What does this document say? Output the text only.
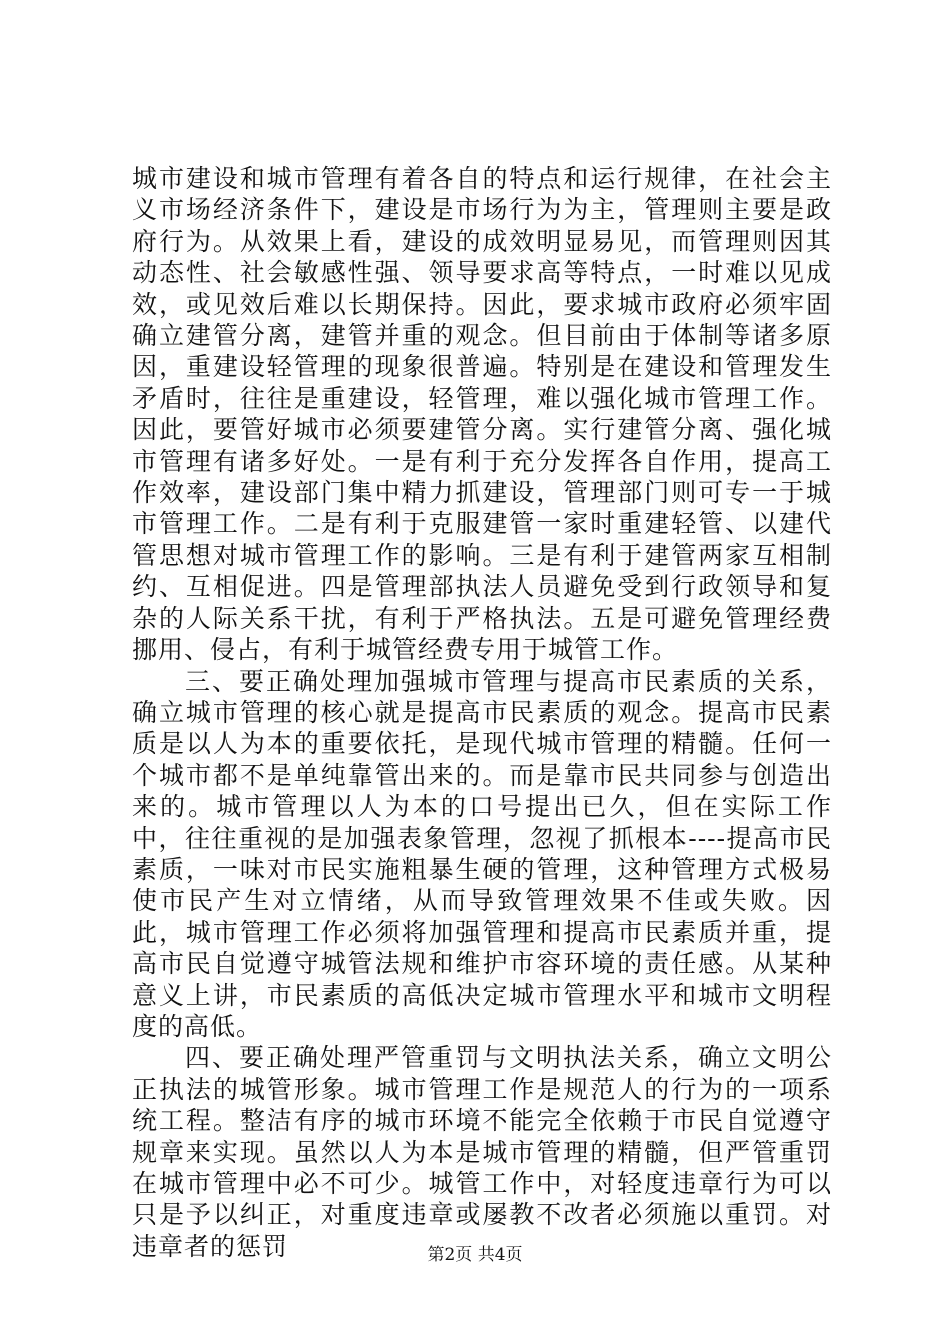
城市建设和城市管理有着各自的特点和运行规律，在社会主义市场经济条件下，建设是市场行为为主，管理则主要是政府行为。从效果上看，建设的成效明显易见，而管理则因其动态性、社会敏感性强、领导要求高等特点，一时难以见成效，或见效后难以长期保持。因此，要求城市政府必须牢固确立建管分离，建管并重的观念。但目前由于体制等诸多原因，重建设轻管理的现象很普遍。特别是在建设和管理发生矛盾时，往往是重建设，轻管理，难以强化城市管理工作。因此，要管好城市必须要建管分离。实行建管分离、强化城市管理有诸多好处。一是有利于充分发挥各自作用，提高工作效率，建设部门集中精力抓建设，管理部门则可专一于城市管理工作。二是有利于克服建管一家时重建轻管、以建代管思想对城市管理工作的影响。三是有利于建管两家互相制约、互相促进。四是管理部执法人员避免受到行政领导和复杂的人际关系干扰，有利于严格执法。五是可避免管理经费挪用、侵占，有利于城管经费专用于城管工作。

三、要正确处理加强城市管理与提高市民素质的关系，确立城市管理的核心就是提高市民素质的观念。提高市民素质是以人为本的重要依托，是现代城市管理的精髓。任何一个城市都不是单纯靠管出来的。而是靠市民共同参与创造出来的。城市管理以人为本的口号提出已久，但在实际工作中，往往重视的是加强表象管理，忽视了抓根本----提高市民素质，一味对市民实施粗暴生硬的管理，这种管理方式极易使市民产生对立情绪，从而导致管理效果不佳或失败。因此，城市管理工作必须将加强管理和提高市民素质并重，提高市民自觉遵守城管法规和维护市容环境的责任感。从某种意义上讲，市民素质的高低决定城市管理水平和城市文明程度的高低。

四、要正确处理严管重罚与文明执法关系，确立文明公正执法的城管形象。城市管理工作是规范人的行为的一项系统工程。整洁有序的城市环境不能完全依赖于市民自觉遵守规章来实现。虽然以人为本是城市管理的精髓，但严管重罚在城市管理中必不可少。城管工作中，对轻度违章行为可以只是予以纠正，对重度违章或屡教不改者必须施以重罚。对违章者的惩罚	第2页 共4页
